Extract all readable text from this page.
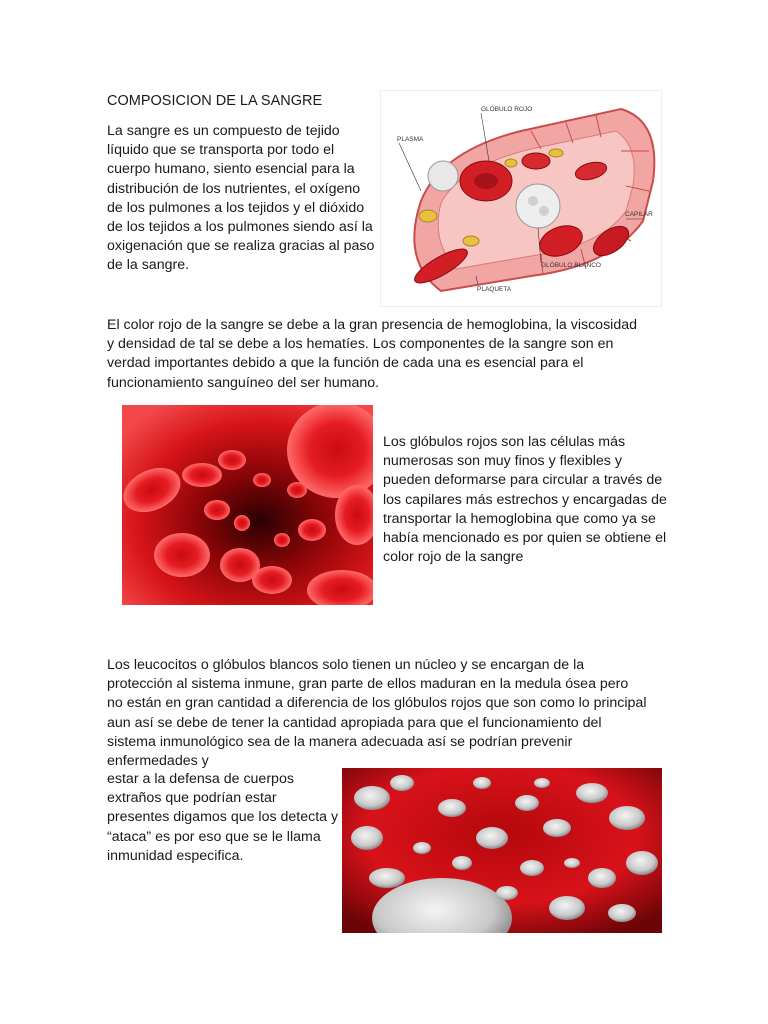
COMPOSICION DE LA SANGRE

La sangre es un compuesto de tejido líquido que se transporta por todo el cuerpo humano, siento esencial para la distribución de los nutrientes, el oxígeno de los pulmones a los tejidos y el dióxido de los tejidos a los pulmones siendo así la oxigenación que se realiza gracias al paso de la sangre.

GLÓBULO ROJO
PLASMA
CAPILAR
GLÓBULO BLANCO
PLAQUETA

El color rojo de la sangre se debe a la gran presencia de hemoglobina, la viscosidad y densidad de tal se debe a los hematíes. Los componentes de la sangre son en verdad importantes debido a que la función de cada una es esencial para el funcionamiento sanguíneo del ser humano.

Los glóbulos rojos son las células más numerosas son muy finos y flexibles y pueden deformarse para circular a través de los capilares más estrechos y encargadas de transportar la hemoglobina que como ya se había mencionado es por quien se obtiene el color rojo de la sangre

Los leucocitos o glóbulos blancos solo tienen un núcleo y se encargan de la protección al sistema inmune, gran parte de ellos maduran en la medula ósea pero no están en gran cantidad a diferencia de los glóbulos rojos que son como lo principal aun así se debe de tener la cantidad apropiada para que el funcionamiento del sistema inmunológico sea de la manera adecuada así se podrían prevenir enfermedades y

estar a la defensa de cuerpos extraños que podrían estar presentes digamos que los detecta y “ataca” es por eso que se le llama inmunidad especifica.
